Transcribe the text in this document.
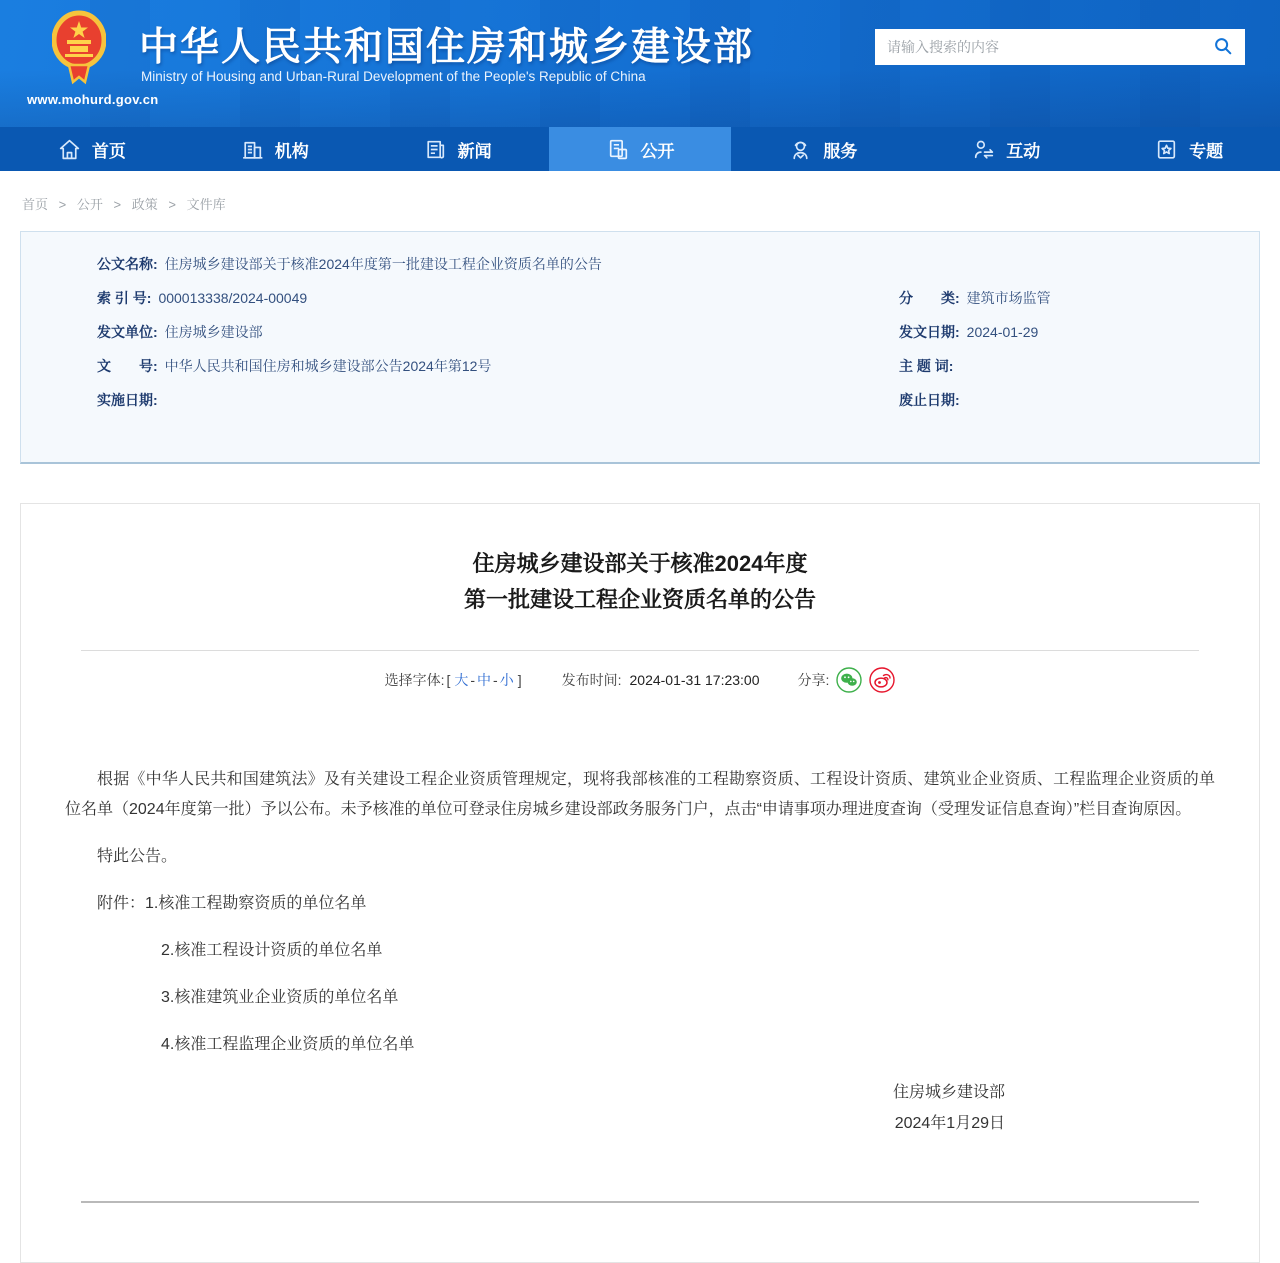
www.mohurd.gov.cn
中华人民共和国住房和城乡建设部
Ministry of Housing and Urban-Rural Development of the People's Republic of China
请输入搜索的内容
首页	机构	新闻	公开	服务	互动	专题
首页 > 公开 > 政策 > 文件库
公文名称: 住房城乡建设部关于核准2024年度第一批建设工程企业资质名单的公告
索 引 号: 000013338/2024-00049	分　　类: 建筑市场监管
发文单位: 住房城乡建设部	发文日期: 2024-01-29
文　　号: 中华人民共和国住房和城乡建设部公告2024年第12号	主 题 词:
实施日期:	废止日期:
住房城乡建设部关于核准2024年度
第一批建设工程企业资质名单的公告
选择字体: [ 大 - 中 - 小 ]	发布时间: 2024-01-31 17:23:00	分享:

根据《中华人民共和国建筑法》及有关建设工程企业资质管理规定，现将我部核准的工程勘察资质、工程设计资质、建筑业企业资质、工程监理企业资质的单位名单（2024年度第一批）予以公布。未予核准的单位可登录住房城乡建设部政务服务门户，点击“申请事项办理进度查询（受理发证信息查询）”栏目查询原因。

特此公告。

附件：1.核准工程勘察资质的单位名单

2.核准工程设计资质的单位名单

3.核准建筑业企业资质的单位名单

4.核准工程监理企业资质的单位名单

住房城乡建设部

2024年1月29日
